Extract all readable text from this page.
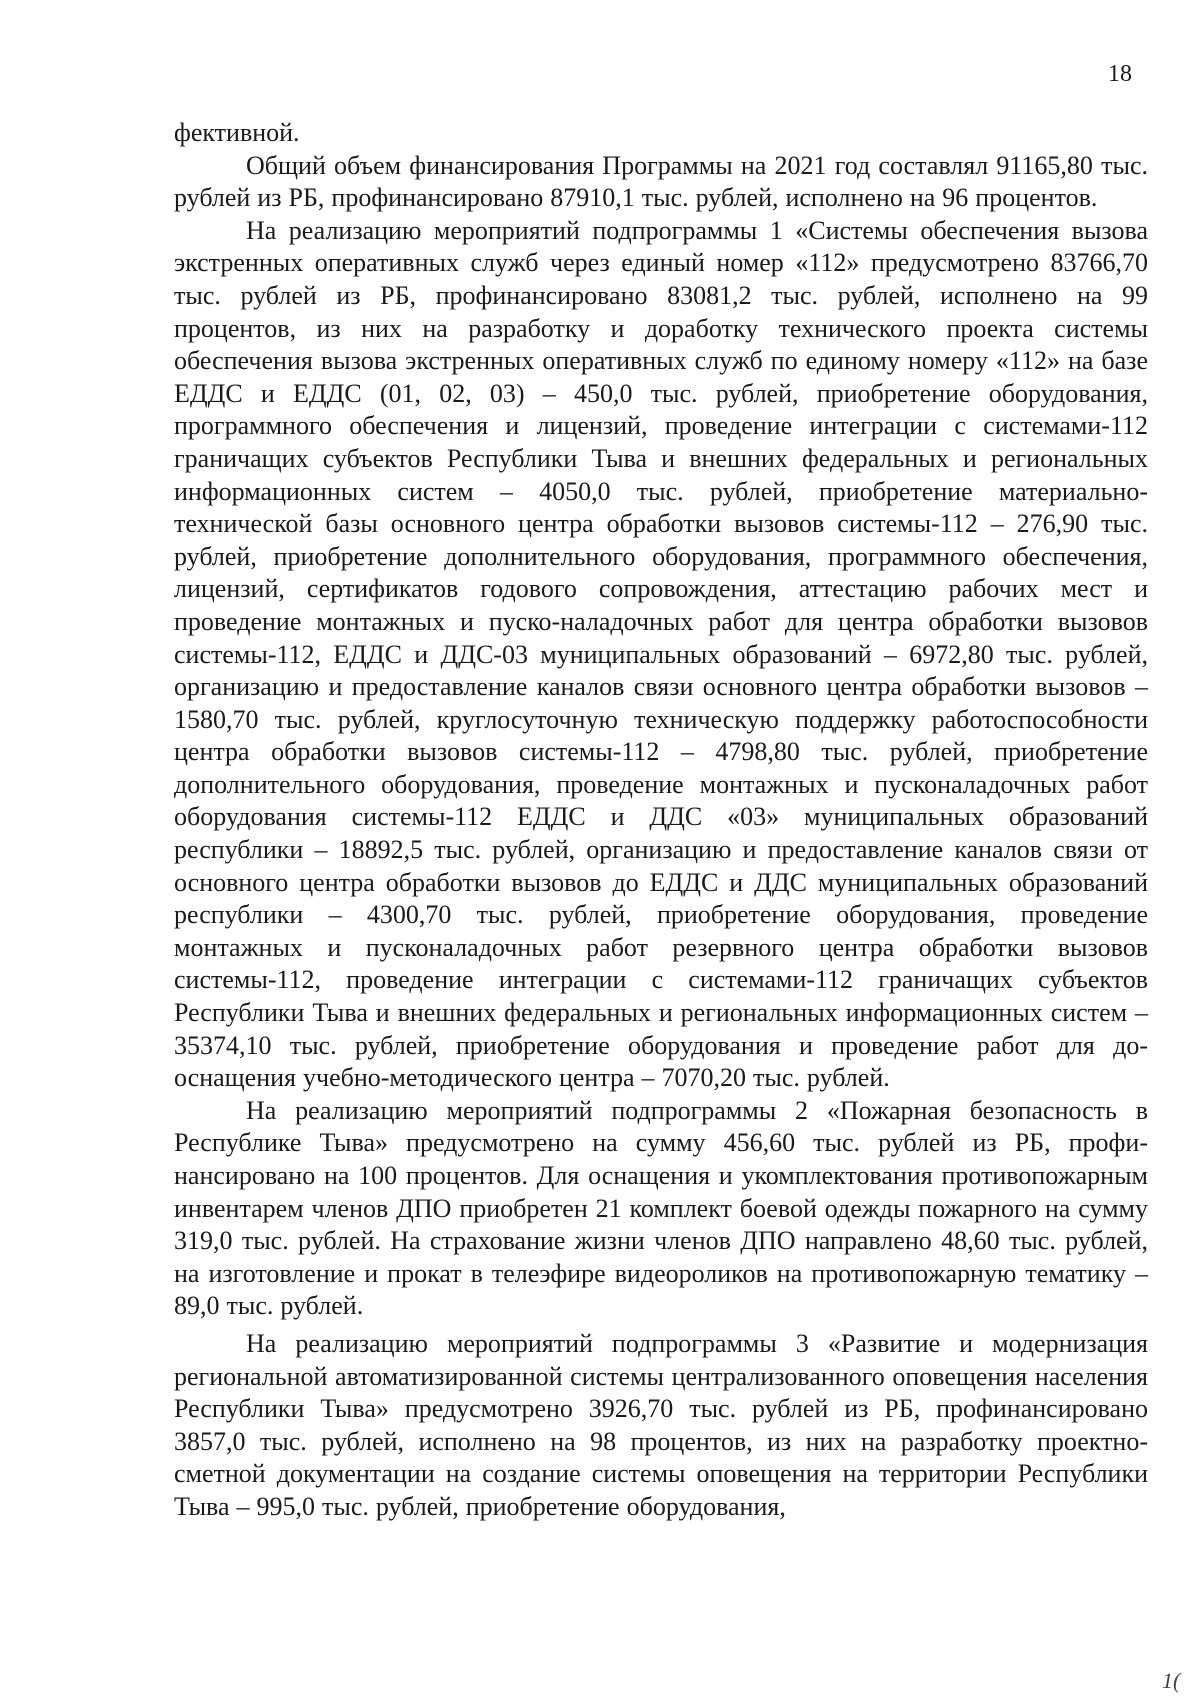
18

фективной.

Общий объем финансирования Программы на 2021 год составлял 91165,80 тыс. рублей из РБ, профинансировано 87910,1 тыс. рублей, исполнено на 96 процентов.

На реализацию мероприятий подпрограммы 1 «Системы обеспечения вызова экстренных оперативных служб через единый номер «112» предусмотрено 83766,70 тыс. рублей из РБ, профинансировано 83081,2 тыс. рублей, исполнено на 99 процентов, из них на разработку и доработку технического проекта системы обеспечения вызова экстренных оперативных служб по единому номеру «112» на базе ЕДДС и ЕДДС (01, 02, 03) – 450,0 тыс. рублей, приобретение оборудования, программного обеспечения и лицензий, проведение интеграции с системами-112 граничащих субъектов Республики Тыва и внешних федеральных и региональных информационных систем – 4050,0 тыс. рублей, приобретение материально-технической базы основного центра обработки вызовов системы-112 – 276,90 тыс. рублей, приобретение дополнительного оборудования, программного обеспечения, лицензий, сертификатов годового сопровождения, аттестацию рабочих мест и проведение монтажных и пуско-наладочных работ для центра обработки вызовов системы-112, ЕДДС и ДДС-03 муниципальных образований – 6972,80 тыс. рублей, организацию и предоставление каналов связи основного центра обработки вызовов – 1580,70 тыс. рублей, круглосуточную техническую поддержку работоспособности центра обработки вызовов системы-112 – 4798,80 тыс. рублей, приобретение дополнительного оборудования, проведение монтажных и пусконаладочных работ оборудования системы-112 ЕДДС и ДДС «03» муниципальных образований республики – 18892,5 тыс. рублей, организацию и предоставление каналов связи от основного центра обработки вызовов до ЕДДС и ДДС муниципальных образований республики – 4300,70 тыс. рублей, приобретение оборудования, проведение монтажных и пусконаладочных работ резервного центра обработки вызовов системы-112, проведение интеграции с системами-112 граничащих субъектов Республики Тыва и внешних федеральных и региональных информационных систем – 35374,10 тыс. рублей, приобретение оборудования и проведение работ для дооснащения учебно-методического центра – 7070,20 тыс. рублей.

На реализацию мероприятий подпрограммы 2 «Пожарная безопасность в Республике Тыва» предусмотрено на сумму 456,60 тыс. рублей из РБ, профинансировано на 100 процентов. Для оснащения и укомплектования противопожарным инвентарем членов ДПО приобретен 21 комплект боевой одежды пожарного на сумму 319,0 тыс. рублей. На страхование жизни членов ДПО направлено 48,60 тыс. рублей, на изготовление и прокат в телеэфире видеороликов на противопожарную тематику – 89,0 тыс. рублей.

На реализацию мероприятий подпрограммы 3 «Развитие и модернизация региональной автоматизированной системы централизованного оповещения населения Республики Тыва» предусмотрено 3926,70 тыс. рублей из РБ, профинансировано 3857,0 тыс. рублей, исполнено на 98 процентов, из них на разработку проектно-сметной документации на создание системы оповещения на территории Республики Тыва – 995,0 тыс. рублей, приобретение оборудования,

1(
